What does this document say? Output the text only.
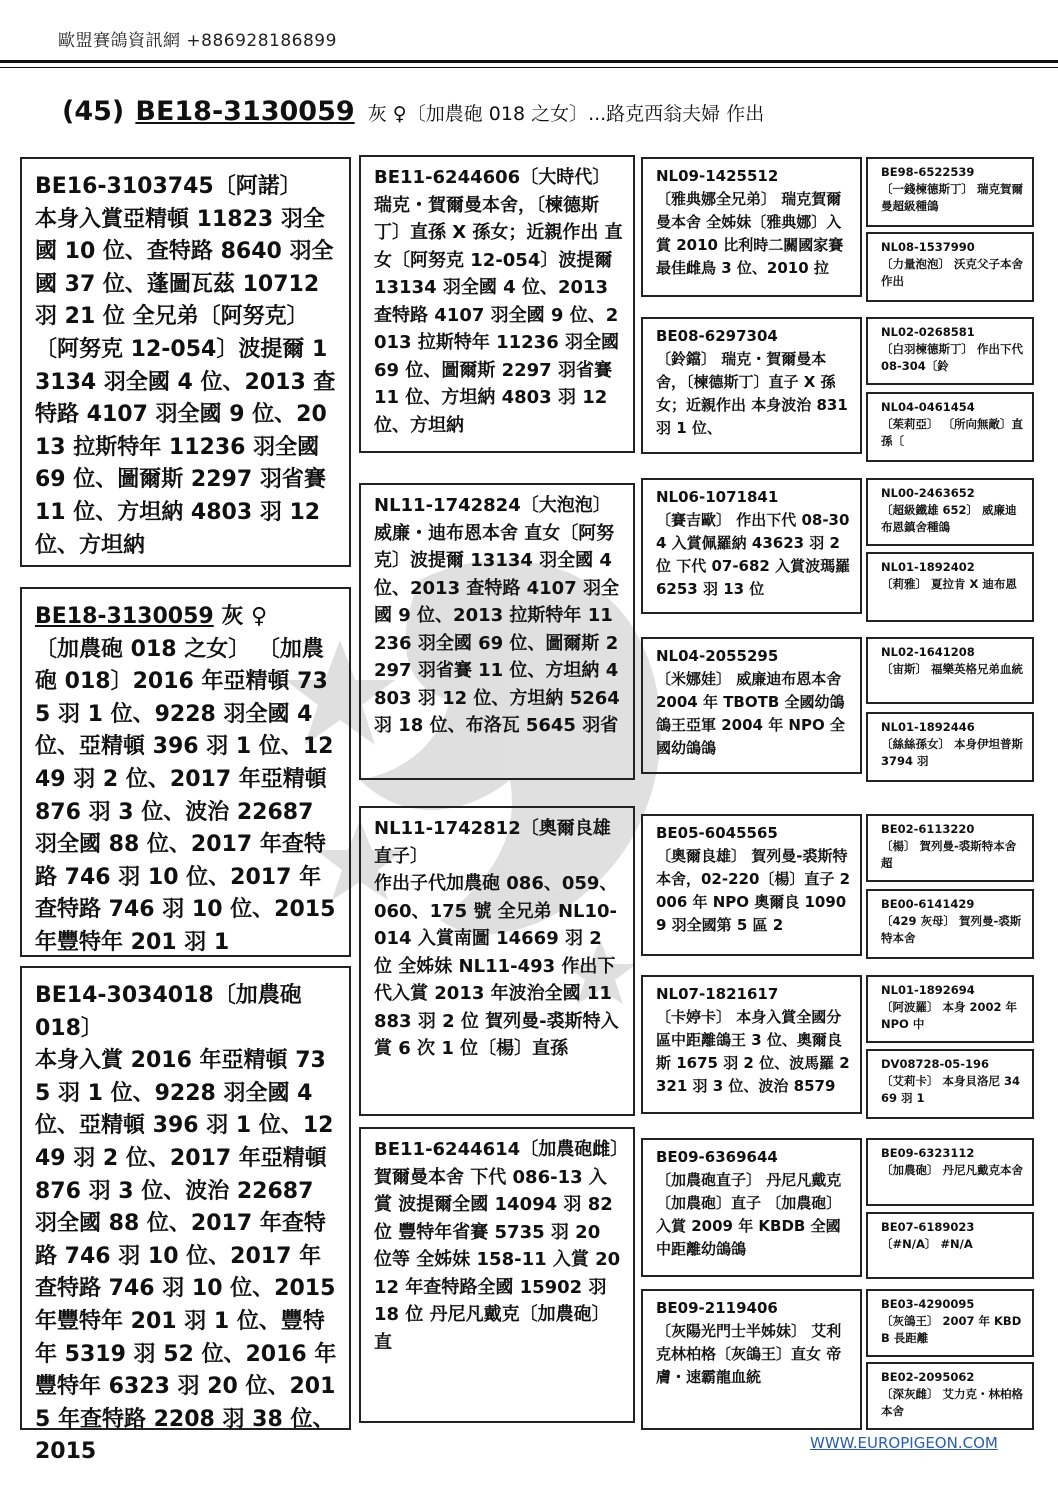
歐盟賽鴿資訊網 +886928186899
(45) BE18-3130059 灰 ♀〔加農砲 018 之女〕...路克西翁夫婦 作出
BE16-3103745〔阿諾〕
本身入賞亞精頓 11823 羽全國 10 位、查特路 8640 羽全國 37 位、蓬圖瓦茲 10712 羽 21 位 全兄弟〔阿努克〕〔阿努克 12-054〕波提爾 13134 羽全國 4 位、2013 查特路 4107 羽全國 9 位、2013 拉斯特年 11236 羽全國 69 位、圖爾斯 2297 羽省賽 11 位、方坦納 4803 羽 12 位、方坦納
BE18-3130059 灰 ♀
〔加農砲 018 之女〕 〔加農砲 018〕2016 年亞精頓 735 羽 1 位、9228 羽全國 4 位、亞精頓 396 羽 1 位、1249 羽 2 位、2017 年亞精頓 876 羽 3 位、波治 22687 羽全國 88 位、2017 年查特路 746 羽 10 位、2017 年查特路 746 羽 10 位、2015 年豐特年 201 羽 1
BE14-3034018〔加農砲 018〕
本身入賞 2016 年亞精頓 735 羽 1 位、9228 羽全國 4 位、亞精頓 396 羽 1 位、1249 羽 2 位、2017 年亞精頓 876 羽 3 位、波治 22687 羽全國 88 位、2017 年查特路 746 羽 10 位、2017 年查特路 746 羽 10 位、2015 年豐特年 201 羽 1 位、豐特年 5319 羽 52 位、2016 年豐特年 6323 羽 20 位、2015 年查特路 2208 羽 38 位、2015
BE11-6244606〔大時代〕
瑞克・賀爾曼本舍，〔楝德斯丁〕直孫 X 孫女；近親作出 直女〔阿努克 12-054〕波提爾 13134 羽全國 4 位、2013 查特路 4107 羽全國 9 位、2013 拉斯特年 11236 羽全國 69 位、圖爾斯 2297 羽省賽 11 位、方坦納 4803 羽 12 位、方坦納
NL11-1742824〔大泡泡〕
威廉・迪布恩本舍 直女〔阿努克〕波提爾 13134 羽全國 4 位、2013 查特路 4107 羽全國 9 位、2013 拉斯特年 11236 羽全國 69 位、圖爾斯 2297 羽省賽 11 位、方坦納 4803 羽 12 位、方坦納 5264 羽 18 位、布洛瓦 5645 羽省
NL11-1742812〔奧爾良雄直子〕
作出子代加農砲 086、059、060、175 號 全兄弟 NL10-014 入賞南圖 14669 羽 2 位 全姊妹 NL11-493 作出下代入賞 2013 年波治全國 11883 羽 2 位 賀列曼-裘斯特入賞 6 次 1 位〔楊〕直孫
BE11-6244614〔加農砲雌〕
賀爾曼本舍 下代 086-13 入賞 波提爾全國 14094 羽 82 位 豐特年省賽 5735 羽 20 位等 全姊妹 158-11 入賞 2012 年查特路全國 15902 羽 18 位 丹尼凡戴克〔加農砲〕直
NL09-1425512
〔雅典娜全兄弟〕 瑞克賀爾曼本舍 全姊妹〔雅典娜〕入賞 2010 比利時二關國家賽最佳雌鳥 3 位、2010 拉
BE08-6297304
〔鈴鐺〕 瑞克・賀爾曼本舍，〔楝德斯丁〕直子 X 孫女；近親作出 本身波治 831 羽 1 位、
NL06-1071841
〔賽吉歐〕 作出下代 08-304 入賞佩羅納 43623 羽 2 位 下代 07-682 入賞波瑪羅 6253 羽 13 位
NL04-2055295
〔米娜娃〕 威廉迪布恩本舍 2004 年 TBOTB 全國幼鴿鴿王亞軍 2004 年 NPO 全國幼鴿鴿
BE05-6045565
〔奧爾良雄〕 賀列曼-裘斯特本舍，02-220〔楊〕直子 2006 年 NPO 奧爾良 10909 羽全國第 5 區 2
NL07-1821617
〔卡婷卡〕 本身入賞全國分區中距離鴿王 3 位、奧爾良斯 1675 羽 2 位、波馬羅 2321 羽 3 位、波治 8579
BE09-6369644
〔加農砲直子〕 丹尼凡戴克〔加農砲〕直子 〔加農砲〕入賞 2009 年 KBDB 全國中距離幼鴿鴿
BE09-2119406
〔灰陽光門士半姊妹〕 艾利克林柏格〔灰鴿王〕直女 帝膚・速霸龍血統
BE98-6522539
〔一錢楝德斯丁〕 瑞克賀爾曼超級種鴿
NL08-1537990
〔力量泡泡〕 沃克父子本舍 作出
NL02-0268581
〔白羽楝德斯丁〕 作出下代 08-304〔鈴
NL04-0461454
〔茱莉亞〕 〔所向無敵〕直孫〔
NL00-2463652
〔超級鐵雄 652〕 威廉迪布恩鎮舍種鴿
NL01-1892402
〔莉雅〕 夏拉肯 X 迪布恩
NL02-1641208
〔宙斯〕 福樂英格兄弟血統
NL01-1892446
〔絲絲孫女〕 本身伊坦普斯 3794 羽
BE02-6113220
〔楊〕 賀列曼-裘斯特本舍超
BE00-6141429
〔429 灰母〕 賀列曼-裘斯特本舍
NL01-1892694
〔阿波羅〕 本身 2002 年 NPO 中
DV08728-05-196
〔艾莉卡〕 本身貝洛尼 3469 羽 1
BE09-6323112
〔加農砲〕 丹尼凡戴克本舍
BE07-6189023
〔#N/A〕 #N/A
BE03-4290095
〔灰鴿王〕 2007 年 KBDB 長距離
BE02-2095062
〔深灰雌〕 艾力克・林柏格本舍
WWW.EUROPIGEON.COM
